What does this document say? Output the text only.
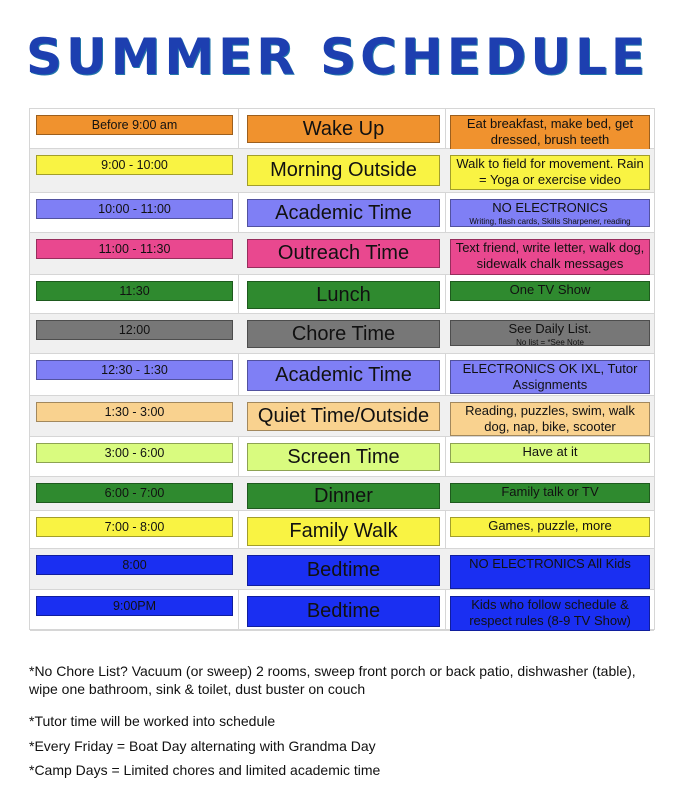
SUMMER SCHEDULE
Before 9:00 am	Wake Up	Eat breakfast, make bed, get dressed, brush teeth
9:00 - 10:00	Morning Outside	Walk to field for movement. Rain = Yoga or exercise video
10:00 - 11:00	Academic Time	NO ELECTRONICS
Writing, flash cards, Skills Sharpener, reading
11:00 - 11:30	Outreach Time	Text friend, write letter, walk dog, sidewalk chalk messages
11:30	Lunch	One TV Show
12:00	Chore Time	See Daily List.
No list = *See Note
12:30 - 1:30	Academic Time	ELECTRONICS OK IXL, Tutor Assignments
1:30 - 3:00	Quiet Time/Outside	Reading, puzzles, swim, walk dog, nap, bike, scooter
3:00 - 6:00	Screen Time	Have at it
6:00 - 7:00	Dinner	Family talk or TV
7:00 - 8:00	Family Walk	Games, puzzle, more
8:00	Bedtime	NO ELECTRONICS All Kids
9:00PM	Bedtime	Kids who follow schedule & respect rules (8-9 TV Show)

*No Chore List? Vacuum (or sweep) 2 rooms, sweep front porch or back patio, dishwasher (table), wipe one bathroom, sink & toilet, dust buster on couch

*Tutor time will be worked into schedule

*Every Friday = Boat Day alternating with Grandma Day

*Camp Days = Limited chores and limited academic time
